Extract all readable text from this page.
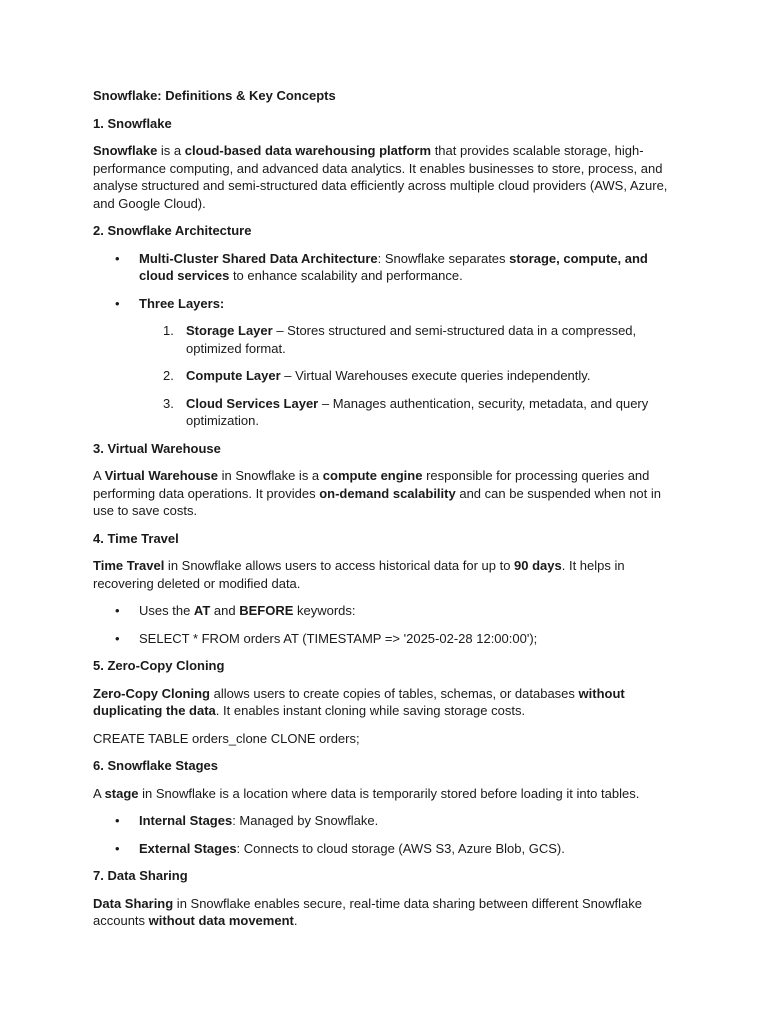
Snowflake: Definitions & Key Concepts
1. Snowflake

Snowflake is a cloud-based data warehousing platform that provides scalable storage, high-performance computing, and advanced data analytics. It enables businesses to store, process, and analyse structured and semi-structured data efficiently across multiple cloud providers (AWS, Azure, and Google Cloud).

2. Snowflake Architecture
• Multi-Cluster Shared Data Architecture: Snowflake separates storage, compute, and cloud services to enhance scalability and performance.
• Three Layers:
1. Storage Layer – Stores structured and semi-structured data in a compressed, optimized format.
2. Compute Layer – Virtual Warehouses execute queries independently.
3. Cloud Services Layer – Manages authentication, security, metadata, and query optimization.
3. Virtual Warehouse

A Virtual Warehouse in Snowflake is a compute engine responsible for processing queries and performing data operations. It provides on-demand scalability and can be suspended when not in use to save costs.

4. Time Travel

Time Travel in Snowflake allows users to access historical data for up to 90 days. It helps in recovering deleted or modified data.

• Uses the AT and BEFORE keywords:
• SELECT * FROM orders AT (TIMESTAMP => '2025-02-28 12:00:00');
5. Zero-Copy Cloning

Zero-Copy Cloning allows users to create copies of tables, schemas, or databases without duplicating the data. It enables instant cloning while saving storage costs.

CREATE TABLE orders_clone CLONE orders;

6. Snowflake Stages

A stage in Snowflake is a location where data is temporarily stored before loading it into tables.

• Internal Stages: Managed by Snowflake.
• External Stages: Connects to cloud storage (AWS S3, Azure Blob, GCS).
7. Data Sharing

Data Sharing in Snowflake enables secure, real-time data sharing between different Snowflake accounts without data movement.
